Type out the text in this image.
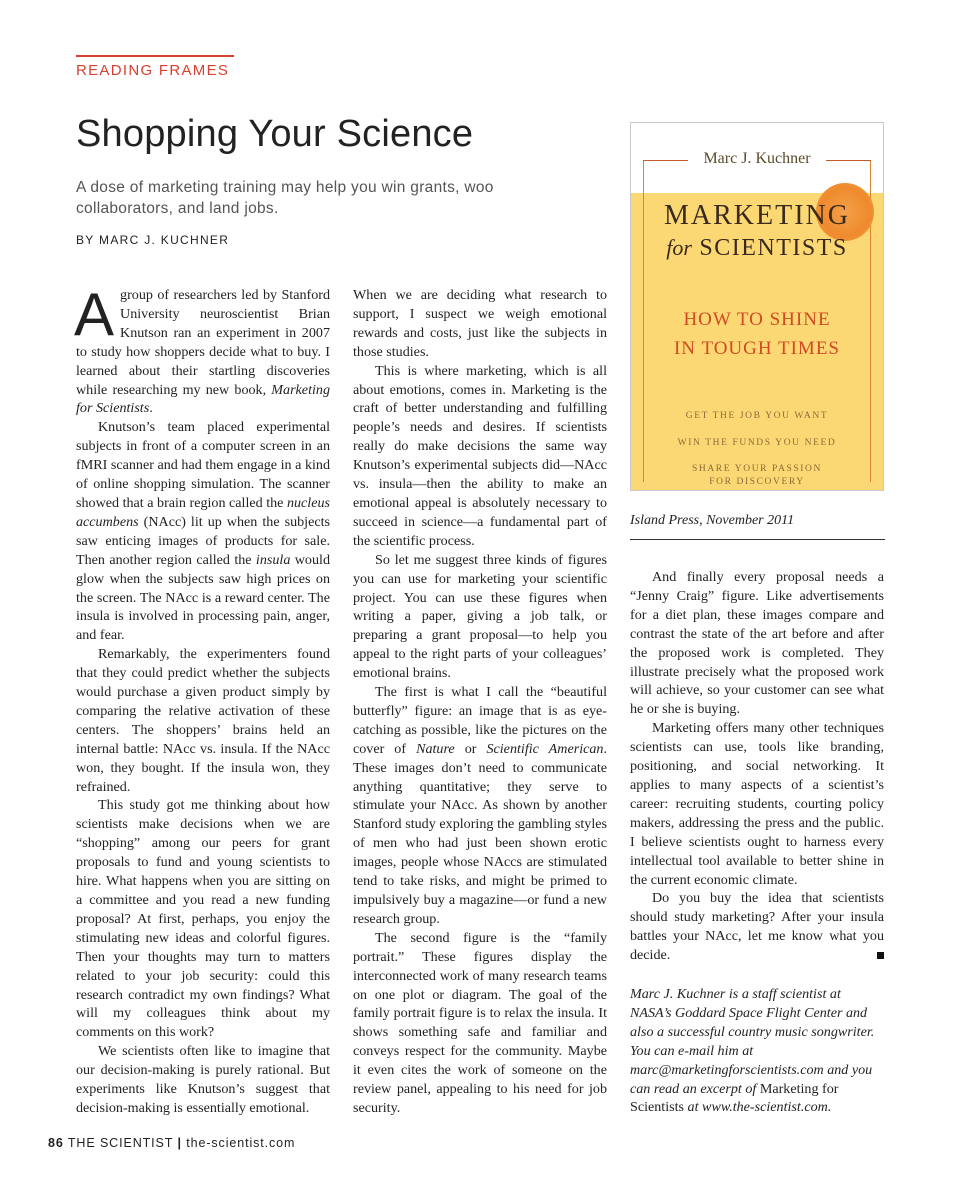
READING FRAMES
Shopping Your Science
A dose of marketing training may help you win grants, woo collaborators, and land jobs.
BY MARC J. KUCHNER

Agroup of researchers led by Stanford University neuroscientist Brian Knutson ran an experiment in 2007 to study how shoppers decide what to buy. I learned about their startling discoveries while researching my new book, Marketing for Scientists.

Knutson’s team placed experimental subjects in front of a computer screen in an fMRI scanner and had them engage in a kind of online shopping simulation. The scanner showed that a brain region called the nucleus accumbens (NAcc) lit up when the subjects saw enticing images of products for sale. Then another region called the insula would glow when the subjects saw high prices on the screen. The NAcc is a reward center. The insula is involved in processing pain, anger, and fear.

Remarkably, the experimenters found that they could predict whether the subjects would purchase a given product simply by comparing the relative activation of these centers. The shoppers’ brains held an internal battle: NAcc vs. insula. If the NAcc won, they bought. If the insula won, they refrained.

This study got me thinking about how scientists make decisions when we are “shopping” among our peers for grant proposals to fund and young scientists to hire. What happens when you are sitting on a committee and you read a new funding proposal? At first, perhaps, you enjoy the stimulating new ideas and colorful figures. Then your thoughts may turn to matters related to your job security: could this research contradict my own findings? What will my colleagues think about my comments on this work?

We scientists often like to imagine that our decision-making is purely rational. But experiments like Knutson’s suggest that decision-making is essentially emotional.

When we are deciding what research to support, I suspect we weigh emotional rewards and costs, just like the subjects in those studies.

This is where marketing, which is all about emotions, comes in. Marketing is the craft of better understanding and fulfilling people’s needs and desires. If scientists really do make decisions the same way Knutson’s experimental subjects did—NAcc vs. insula—then the ability to make an emotional appeal is absolutely necessary to succeed in science—a fundamental part of the scientific process.

So let me suggest three kinds of figures you can use for marketing your scientific project. You can use these figures when writing a paper, giving a job talk, or preparing a grant proposal—to help you appeal to the right parts of your colleagues’ emotional brains.

The first is what I call the “beautiful butterfly” figure: an image that is as eye-catching as possible, like the pictures on the cover of Nature or Scientific American. These images don’t need to communicate anything quantitative; they serve to stimulate your NAcc. As shown by another Stanford study exploring the gambling styles of men who had just been shown erotic images, people whose NAccs are stimulated tend to take risks, and might be primed to impulsively buy a magazine—or fund a new research group.

The second figure is the “family portrait.” These figures display the interconnected work of many research teams on one plot or diagram. The goal of the family portrait figure is to relax the insula. It shows something safe and familiar and conveys respect for the community. Maybe it even cites the work of someone on the review panel, appealing to his need for job security.

Marc J. Kuchner
MARKETING
for SCIENTISTS
HOW TO SHINE
IN TOUGH TIMES
GET THE JOB YOU WANT
WIN THE FUNDS YOU NEED
SHARE YOUR PASSION
FOR DISCOVERY
Island Press, November 2011

And finally every proposal needs a “Jenny Craig” figure. Like advertisements for a diet plan, these images compare and contrast the state of the art before and after the proposed work is completed. They illustrate precisely what the proposed work will achieve, so your customer can see what he or she is buying.

Marketing offers many other techniques scientists can use, tools like branding, positioning, and social networking. It applies to many aspects of a scientist’s career: recruiting students, courting policy makers, addressing the press and the public. I believe scientists ought to harness every intellectual tool available to better shine in the current economic climate.

Do you buy the idea that scientists should study marketing? After your insula battles your NAcc, let me know what you decide.

Marc J. Kuchner is a staff scientist at NASA’s Goddard Space Flight Center and also a successful country music songwriter. You can e-mail him at marc@marketingforscientists.com and you can read an excerpt of Marketing for Scientists at www.the-scientist.com.
86 THE SCIENTIST | the-scientist.com
